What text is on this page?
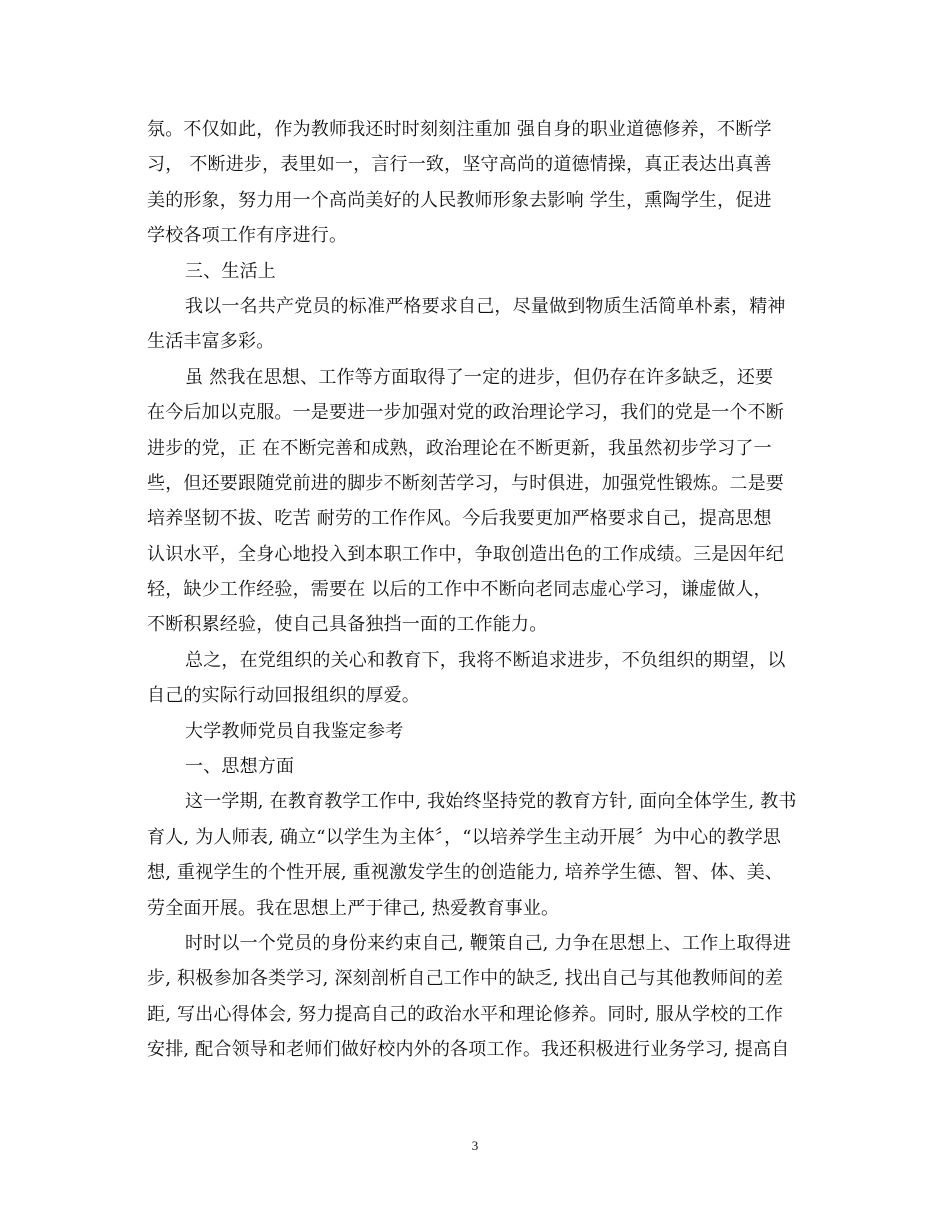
氛。不仅如此，作为教师我还时时刻刻注重加 强自身的职业道德修养，不断学
习， 不断进步，表里如一，言行一致，坚守高尚的道德情操，真正表达出真善
美的形象，努力用一个高尚美好的人民教师形象去影响 学生，熏陶学生，促进
学校各项工作有序进行。
三、生活上
我以一名共产党员的标准严格要求自己，尽量做到物质生活简单朴素，精神
生活丰富多彩。
虽 然我在思想、工作等方面取得了一定的进步，但仍存在许多缺乏，还要
在今后加以克服。一是要进一步加强对党的政治理论学习，我们的党是一个不断
进步的党，正 在不断完善和成熟，政治理论在不断更新，我虽然初步学习了一
些，但还要跟随党前进的脚步不断刻苦学习，与时俱进，加强党性锻炼。二是要
培养坚韧不拔、吃苦 耐劳的工作作风。今后我要更加严格要求自己，提高思想
认识水平，全身心地投入到本职工作中，争取创造出色的工作成绩。三是因年纪
轻，缺少工作经验，需要在 以后的工作中不断向老同志虚心学习，谦虚做人，
不断积累经验，使自己具备独挡一面的工作能力。
总之，在党组织的关心和教育下，我将不断追求进步，不负组织的期望，以
自己的实际行动回报组织的厚爱。
大学教师党员自我鉴定参考
一、思想方面
这一学期, 在教育教学工作中, 我始终坚持党的教育方针, 面向全体学生, 教书
育人, 为人师表, 确立“以学生为主体〞，“以培养学生主动开展〞为中心的教学思
想, 重视学生的个性开展, 重视激发学生的创造能力, 培养学生德、智、体、美、
劳全面开展。我在思想上严于律己, 热爱教育事业。
时时以一个党员的身份来约束自己, 鞭策自己, 力争在思想上、工作上取得进
步, 积极参加各类学习, 深刻剖析自己工作中的缺乏, 找出自己与其他教师间的差
距, 写出心得体会, 努力提高自己的政治水平和理论修养。同时, 服从学校的工作
安排, 配合领导和老师们做好校内外的各项工作。我还积极进行业务学习, 提高自
3
